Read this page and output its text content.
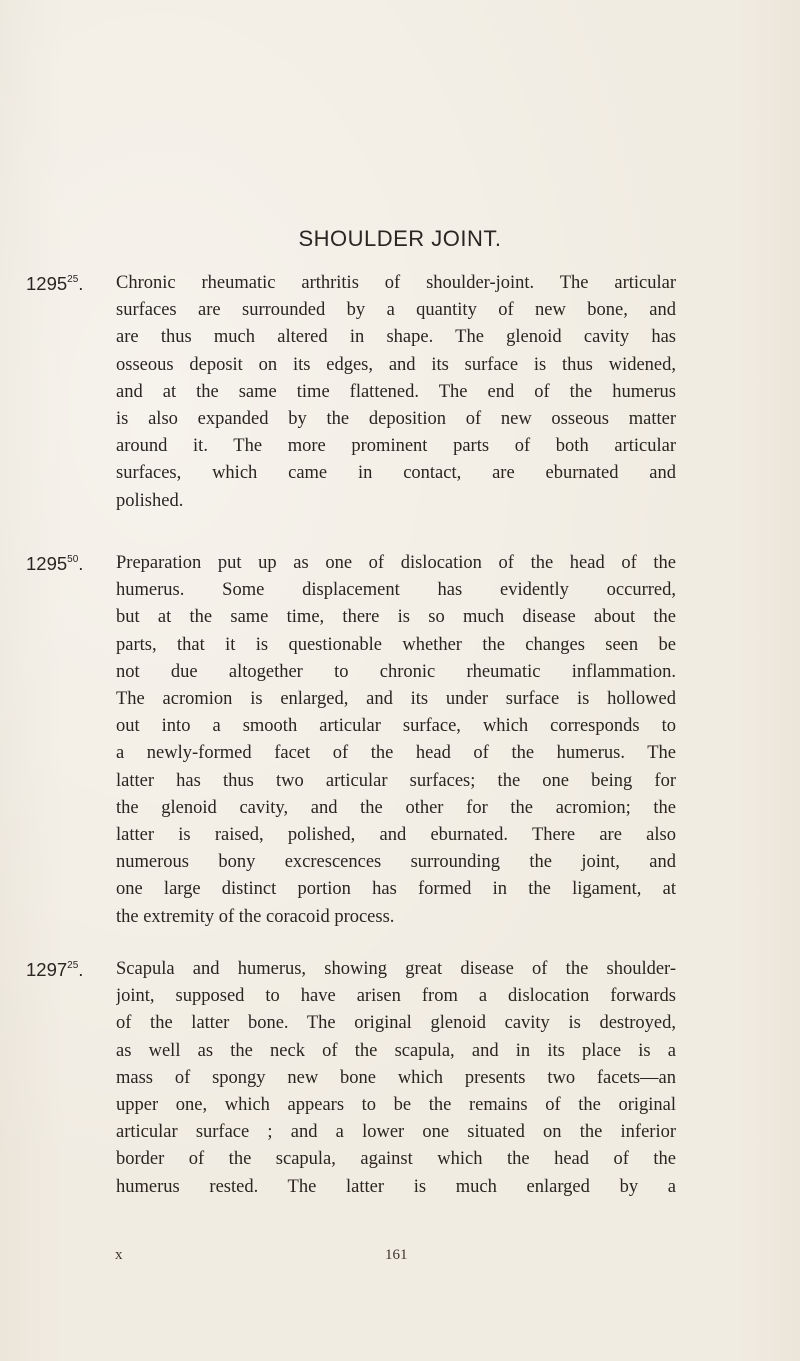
SHOULDER JOINT.
1295$^{25}$.	Chronic rheumatic arthritis of shoulder-joint. The articular
surfaces are surrounded by a quantity of new bone, and
are thus much altered in shape. The glenoid cavity has
osseous deposit on its edges, and its surface is thus widened,
and at the same time flattened. The end of the humerus
is also expanded by the deposition of new osseous matter
around it. The more prominent parts of both articular
surfaces, which came in contact, are eburnated and
polished.
1295$^{50}$.	Preparation put up as one of dislocation of the head of the
humerus. Some displacement has evidently occurred,
but at the same time, there is so much disease about the
parts, that it is questionable whether the changes seen be
not due altogether to chronic rheumatic inflammation.
The acromion is enlarged, and its under surface is hollowed
out into a smooth articular surface, which corresponds to
a newly-formed facet of the head of the humerus. The
latter has thus two articular surfaces; the one being for
the glenoid cavity, and the other for the acromion; the
latter is raised, polished, and eburnated. There are also
numerous bony excrescences surrounding the joint, and
one large distinct portion has formed in the ligament, at
the extremity of the coracoid process.
1297$^{25}$.	Scapula and humerus, showing great disease of the shoulder-
joint, supposed to have arisen from a dislocation forwards
of the latter bone. The original glenoid cavity is destroyed,
as well as the neck of the scapula, and in its place is a
mass of spongy new bone which presents two facets—an
upper one, which appears to be the remains of the original
articular surface ; and a lower one situated on the inferior
border of the scapula, against which the head of the
humerus rested. The latter is much enlarged by a
x	161
